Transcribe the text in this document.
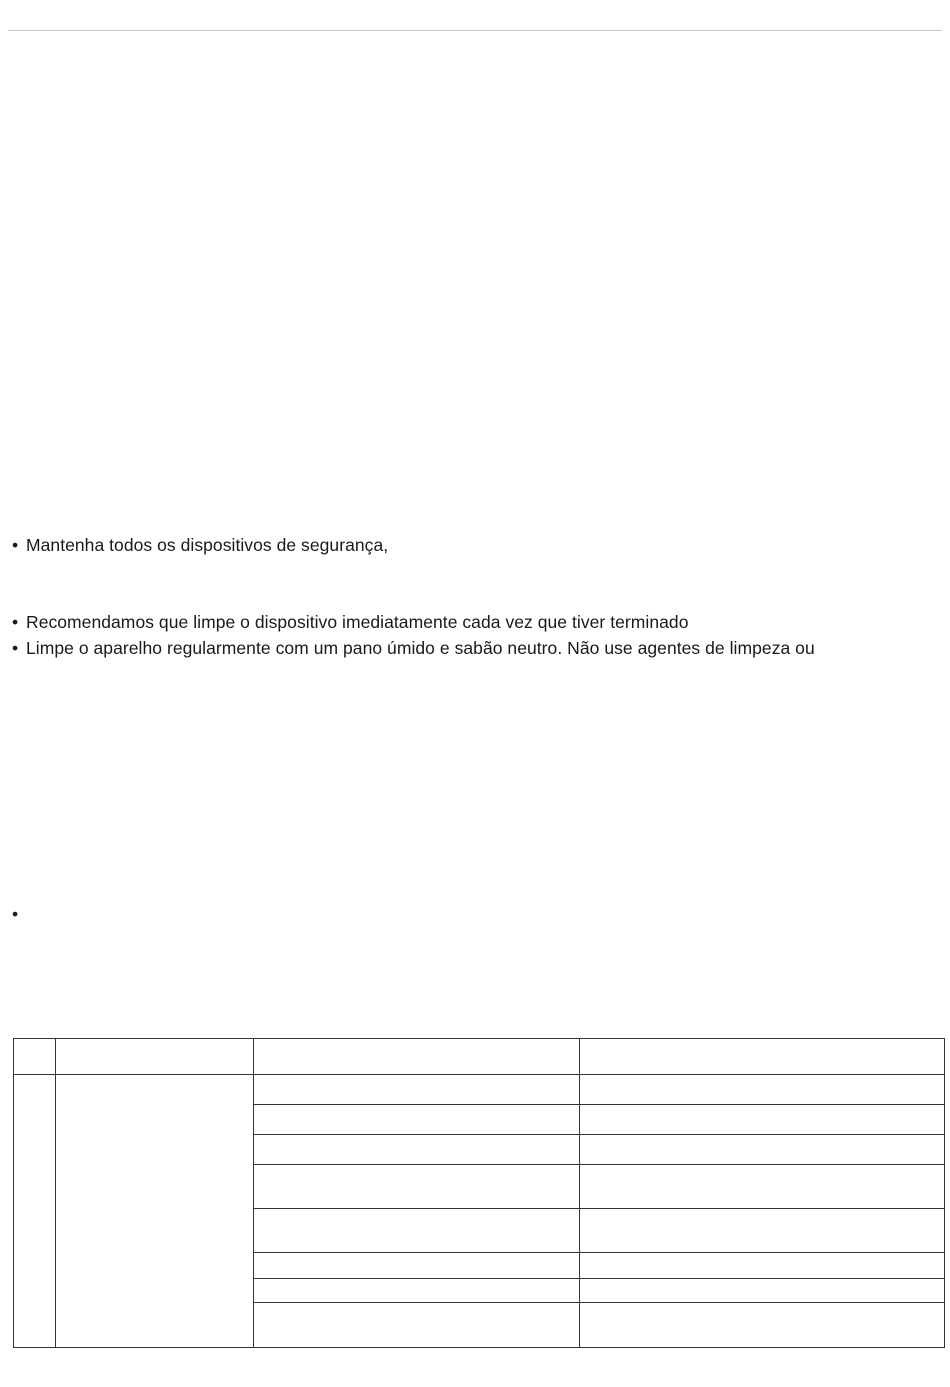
• Mantenha todos os dispositivos de segurança,
• Recomendamos que limpe o dispositivo imediatamente cada vez que tiver terminado
• Limpe o aparelho regularmente com um pano úmido e sabão neutro. Não use agentes de limpeza ou
•
